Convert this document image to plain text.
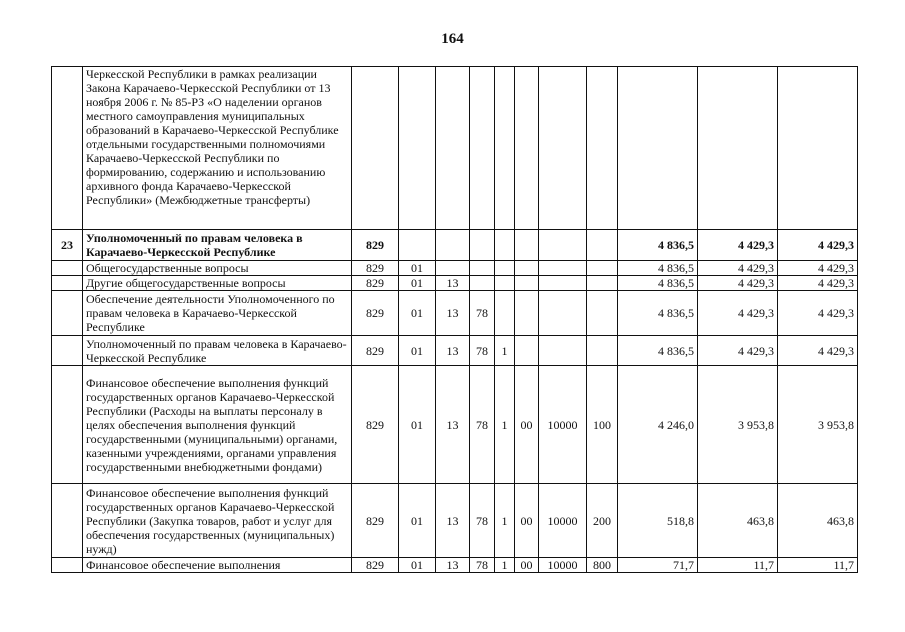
164
	Черкесской Республики в рамках реализации Закона Карачаево-Черкесской Республики от 13 ноября 2006 г. № 85-РЗ «О наделении органов местного самоуправления муниципальных образований в Карачаево-Черкесской Республике отдельными государственными полномочиями Карачаево-Черкесской Республики по формированию, содержанию и использованию архивного фонда Карачаево-Черкесской Республики» (Межбюджетные трансферты)											
23	Уполномоченный по правам человека в Карачаево-Черкесской Республике	829								4 836,5	4 429,3	4 429,3
	Общегосударственные вопросы	829	01							4 836,5	4 429,3	4 429,3
	Другие общегосударственные вопросы	829	01	13						4 836,5	4 429,3	4 429,3
	Обеспечение деятельности Уполномоченного по правам человека в Карачаево-Черкесской Республике	829	01	13	78					4 836,5	4 429,3	4 429,3
	Уполномоченный по правам человека в Карачаево-Черкесской Республике	829	01	13	78	1				4 836,5	4 429,3	4 429,3
	Финансовое обеспечение выполнения функций государственных органов Карачаево-Черкесской Республики (Расходы на выплаты персоналу в целях обеспечения выполнения функций государственными (муниципальными) органами, казенными учреждениями, органами управления государственными внебюджетными фондами)	829	01	13	78	1	00	10000	100	4 246,0	3 953,8	3 953,8
	Финансовое обеспечение выполнения функций государственных органов Карачаево-Черкесской Республики (Закупка товаров, работ и услуг для обеспечения государственных (муниципальных) нужд)	829	01	13	78	1	00	10000	200	518,8	463,8	463,8
	Финансовое обеспечение выполнения	829	01	13	78	1	00	10000	800	71,7	11,7	11,7
